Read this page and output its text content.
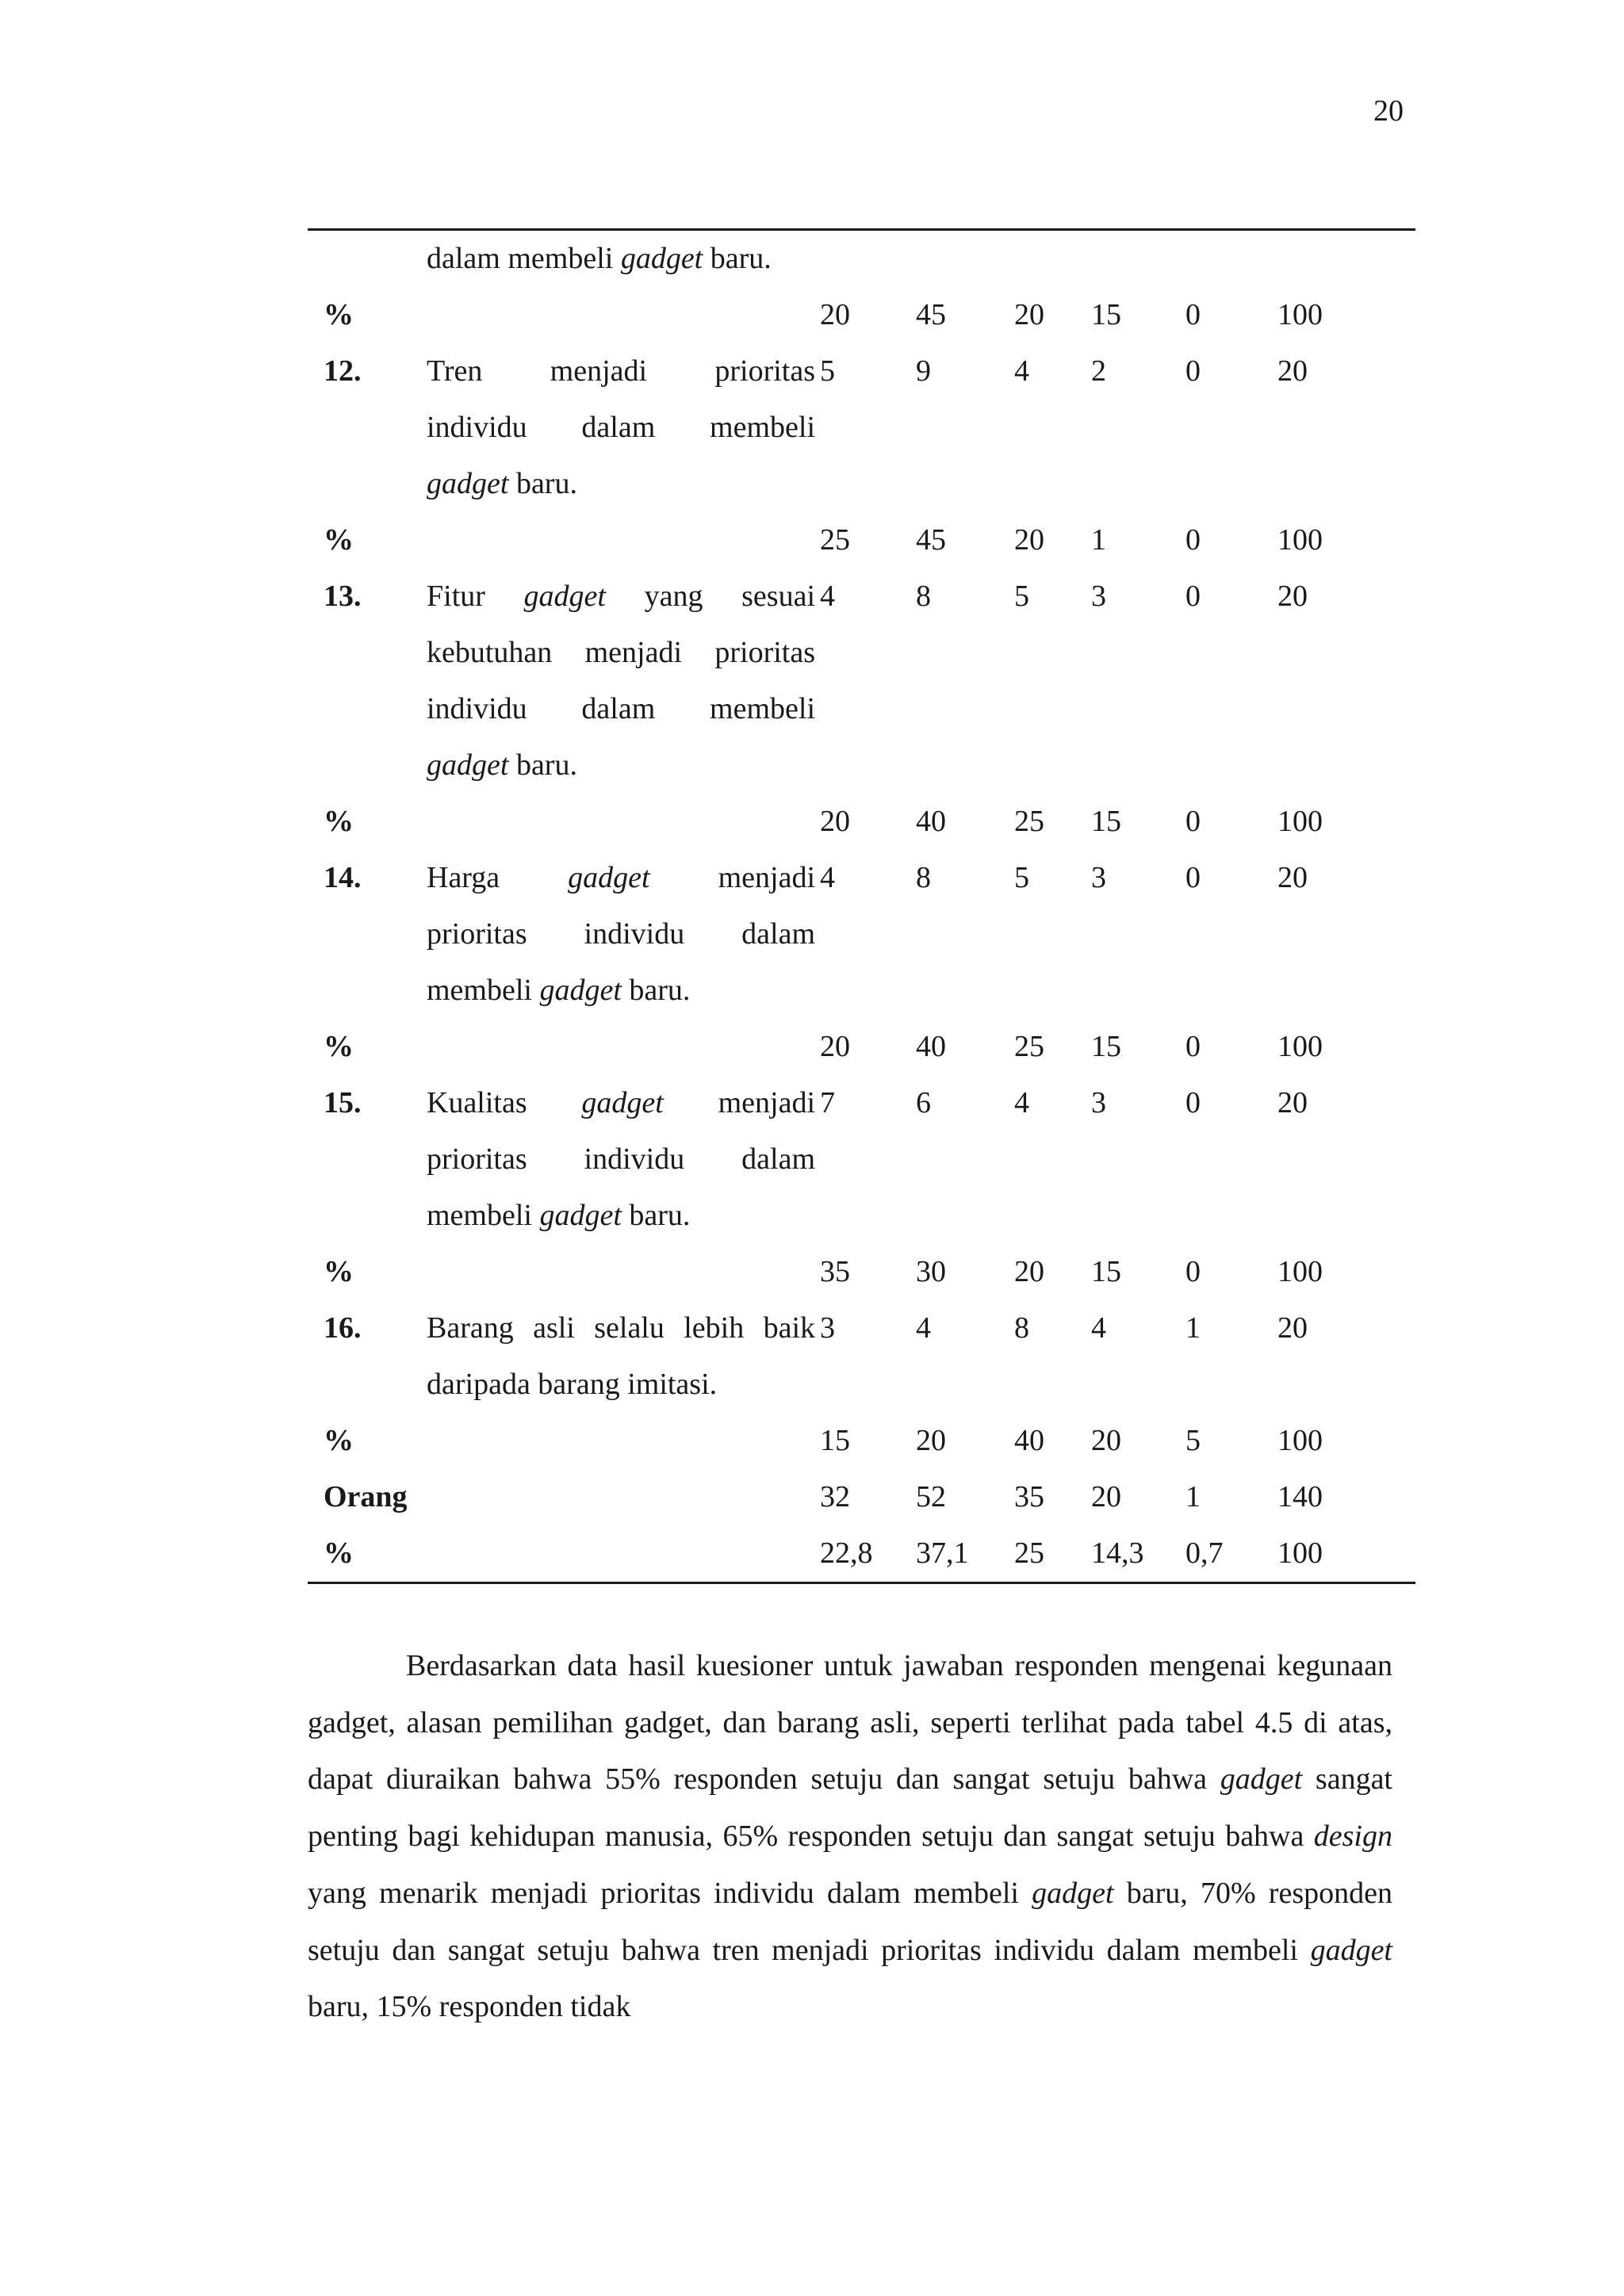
20

	dalam membeli gadget baru.						

%		20	45	20	15	0	100
12.	Tren menjadi prioritas
individu dalam membeli
gadget baru.	5	9	4	2	0	20
%		25	45	20	1	0	100
13.	Fitur gadget yang sesuai
kebutuhan menjadi prioritas
individu dalam membeli
gadget baru.	4	8	5	3	0	20
%		20	40	25	15	0	100
14.	Harga gadget menjadi
prioritas individu dalam
membeli gadget baru.	4	8	5	3	0	20
%		20	40	25	15	0	100
15.	Kualitas gadget menjadi
prioritas individu dalam
membeli gadget baru.	7	6	4	3	0	20
%		35	30	20	15	0	100
16.	Barang asli selalu lebih baik
daripada barang imitasi.	3	4	8	4	1	20
%		15	20	40	20	5	100
Orang		32	52	35	20	1	140
%		22,8	37,1	25	14,3	0,7	100
Berdasarkan data hasil kuesioner untuk jawaban responden mengenai kegunaan gadget, alasan pemilihan gadget, dan barang asli, seperti terlihat pada tabel 4.5 di atas, dapat diuraikan bahwa 55% responden setuju dan sangat setuju bahwa gadget sangat penting bagi kehidupan manusia, 65% responden setuju dan sangat setuju bahwa design yang menarik menjadi prioritas individu dalam membeli gadget baru, 70% responden setuju dan sangat setuju bahwa tren menjadi prioritas individu dalam membeli gadget baru, 15% responden tidak
